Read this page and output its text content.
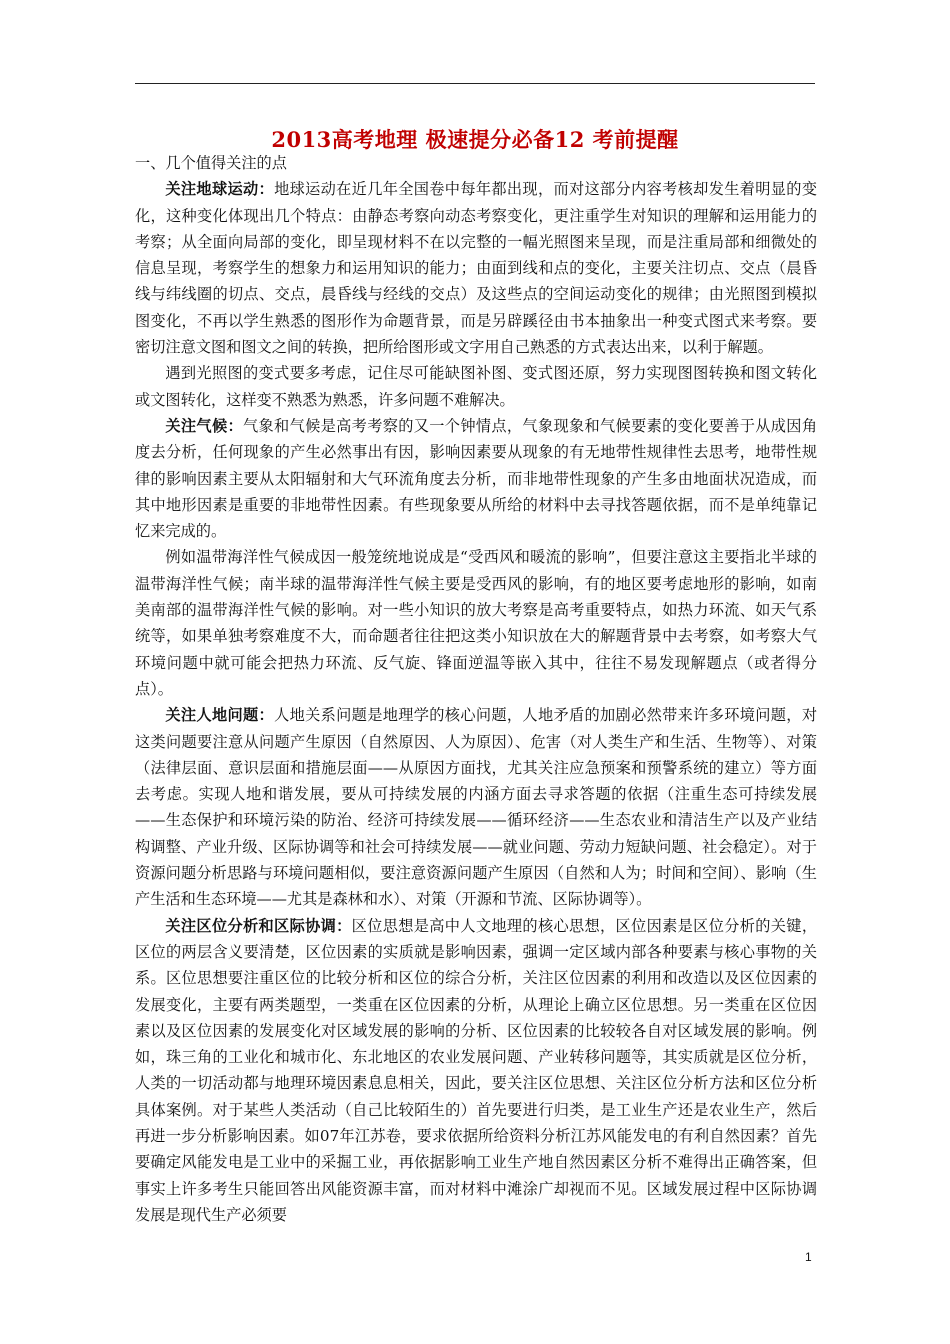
2013高考地理 极速提分必备12 考前提醒
一、几个值得关注的点

关注地球运动：地球运动在近几年全国卷中每年都出现，而对这部分内容考核却发生着明显的变化，这种变化体现出几个特点：由静态考察向动态考察变化，更注重学生对知识的理解和运用能力的考察；从全面向局部的变化，即呈现材料不在以完整的一幅光照图来呈现，而是注重局部和细微处的信息呈现，考察学生的想象力和运用知识的能力；由面到线和点的变化，主要关注切点、交点（晨昏线与纬线圈的切点、交点，晨昏线与经线的交点）及这些点的空间运动变化的规律；由光照图到模拟图变化，不再以学生熟悉的图形作为命题背景，而是另辟蹊径由书本抽象出一种变式图式来考察。要密切注意文图和图文之间的转换，把所给图形或文字用自己熟悉的方式表达出来，以利于解题。

遇到光照图的变式要多考虑，记住尽可能缺图补图、变式图还原，努力实现图图转换和图文转化或文图转化，这样变不熟悉为熟悉，许多问题不难解决。

关注气候：气象和气候是高考考察的又一个钟情点，气象现象和气候要素的变化要善于从成因角度去分析，任何现象的产生必然事出有因，影响因素要从现象的有无地带性规律性去思考，地带性规律的影响因素主要从太阳辐射和大气环流角度去分析，而非地带性现象的产生多由地面状况造成，而其中地形因素是重要的非地带性因素。有些现象要从所给的材料中去寻找答题依据，而不是单纯靠记忆来完成的。

例如温带海洋性气候成因一般笼统地说成是“受西风和暖流的影响”，但要注意这主要指北半球的温带海洋性气候；南半球的温带海洋性气候主要是受西风的影响，有的地区要考虑地形的影响，如南美南部的温带海洋性气候的影响。对一些小知识的放大考察是高考重要特点，如热力环流、如天气系统等，如果单独考察难度不大，而命题者往往把这类小知识放在大的解题背景中去考察，如考察大气环境问题中就可能会把热力环流、反气旋、锋面逆温等嵌入其中，往往不易发现解题点（或者得分点）。

关注人地问题：人地关系问题是地理学的核心问题，人地矛盾的加剧必然带来许多环境问题，对这类问题要注意从问题产生原因（自然原因、人为原因）、危害（对人类生产和生活、生物等）、对策（法律层面、意识层面和措施层面——从原因方面找，尤其关注应急预案和预警系统的建立）等方面去考虑。实现人地和谐发展，要从可持续发展的内涵方面去寻求答题的依据（注重生态可持续发展——生态保护和环境污染的防治、经济可持续发展——循环经济——生态农业和清洁生产以及产业结构调整、产业升级、区际协调等和社会可持续发展——就业问题、劳动力短缺问题、社会稳定）。对于资源问题分析思路与环境问题相似，要注意资源问题产生原因（自然和人为；时间和空间）、影响（生产生活和生态环境——尤其是森林和水）、对策（开源和节流、区际协调等）。

关注区位分析和区际协调：区位思想是高中人文地理的核心思想，区位因素是区位分析的关键，区位的两层含义要清楚，区位因素的实质就是影响因素，强调一定区域内部各种要素与核心事物的关系。区位思想要注重区位的比较分析和区位的综合分析，关注区位因素的利用和改造以及区位因素的发展变化，主要有两类题型，一类重在区位因素的分析，从理论上确立区位思想。另一类重在区位因素以及区位因素的发展变化对区域发展的影响的分析、区位因素的比较较各自对区域发展的影响。例如，珠三角的工业化和城市化、东北地区的农业发展问题、产业转移问题等，其实质就是区位分析，人类的一切活动都与地理环境因素息息相关，因此，要关注区位思想、关注区位分析方法和区位分析具体案例。对于某些人类活动（自己比较陌生的）首先要进行归类，是工业生产还是农业生产，然后再进一步分析影响因素。如07年江苏卷，要求依据所给资料分析江苏风能发电的有利自然因素？首先要确定风能发电是工业中的采掘工业，再依据影响工业生产地自然因素区分析不难得出正确答案，但事实上许多考生只能回答出风能资源丰富，而对材料中滩涂广却视而不见。区域发展过程中区际协调发展是现代生产必须要

1
